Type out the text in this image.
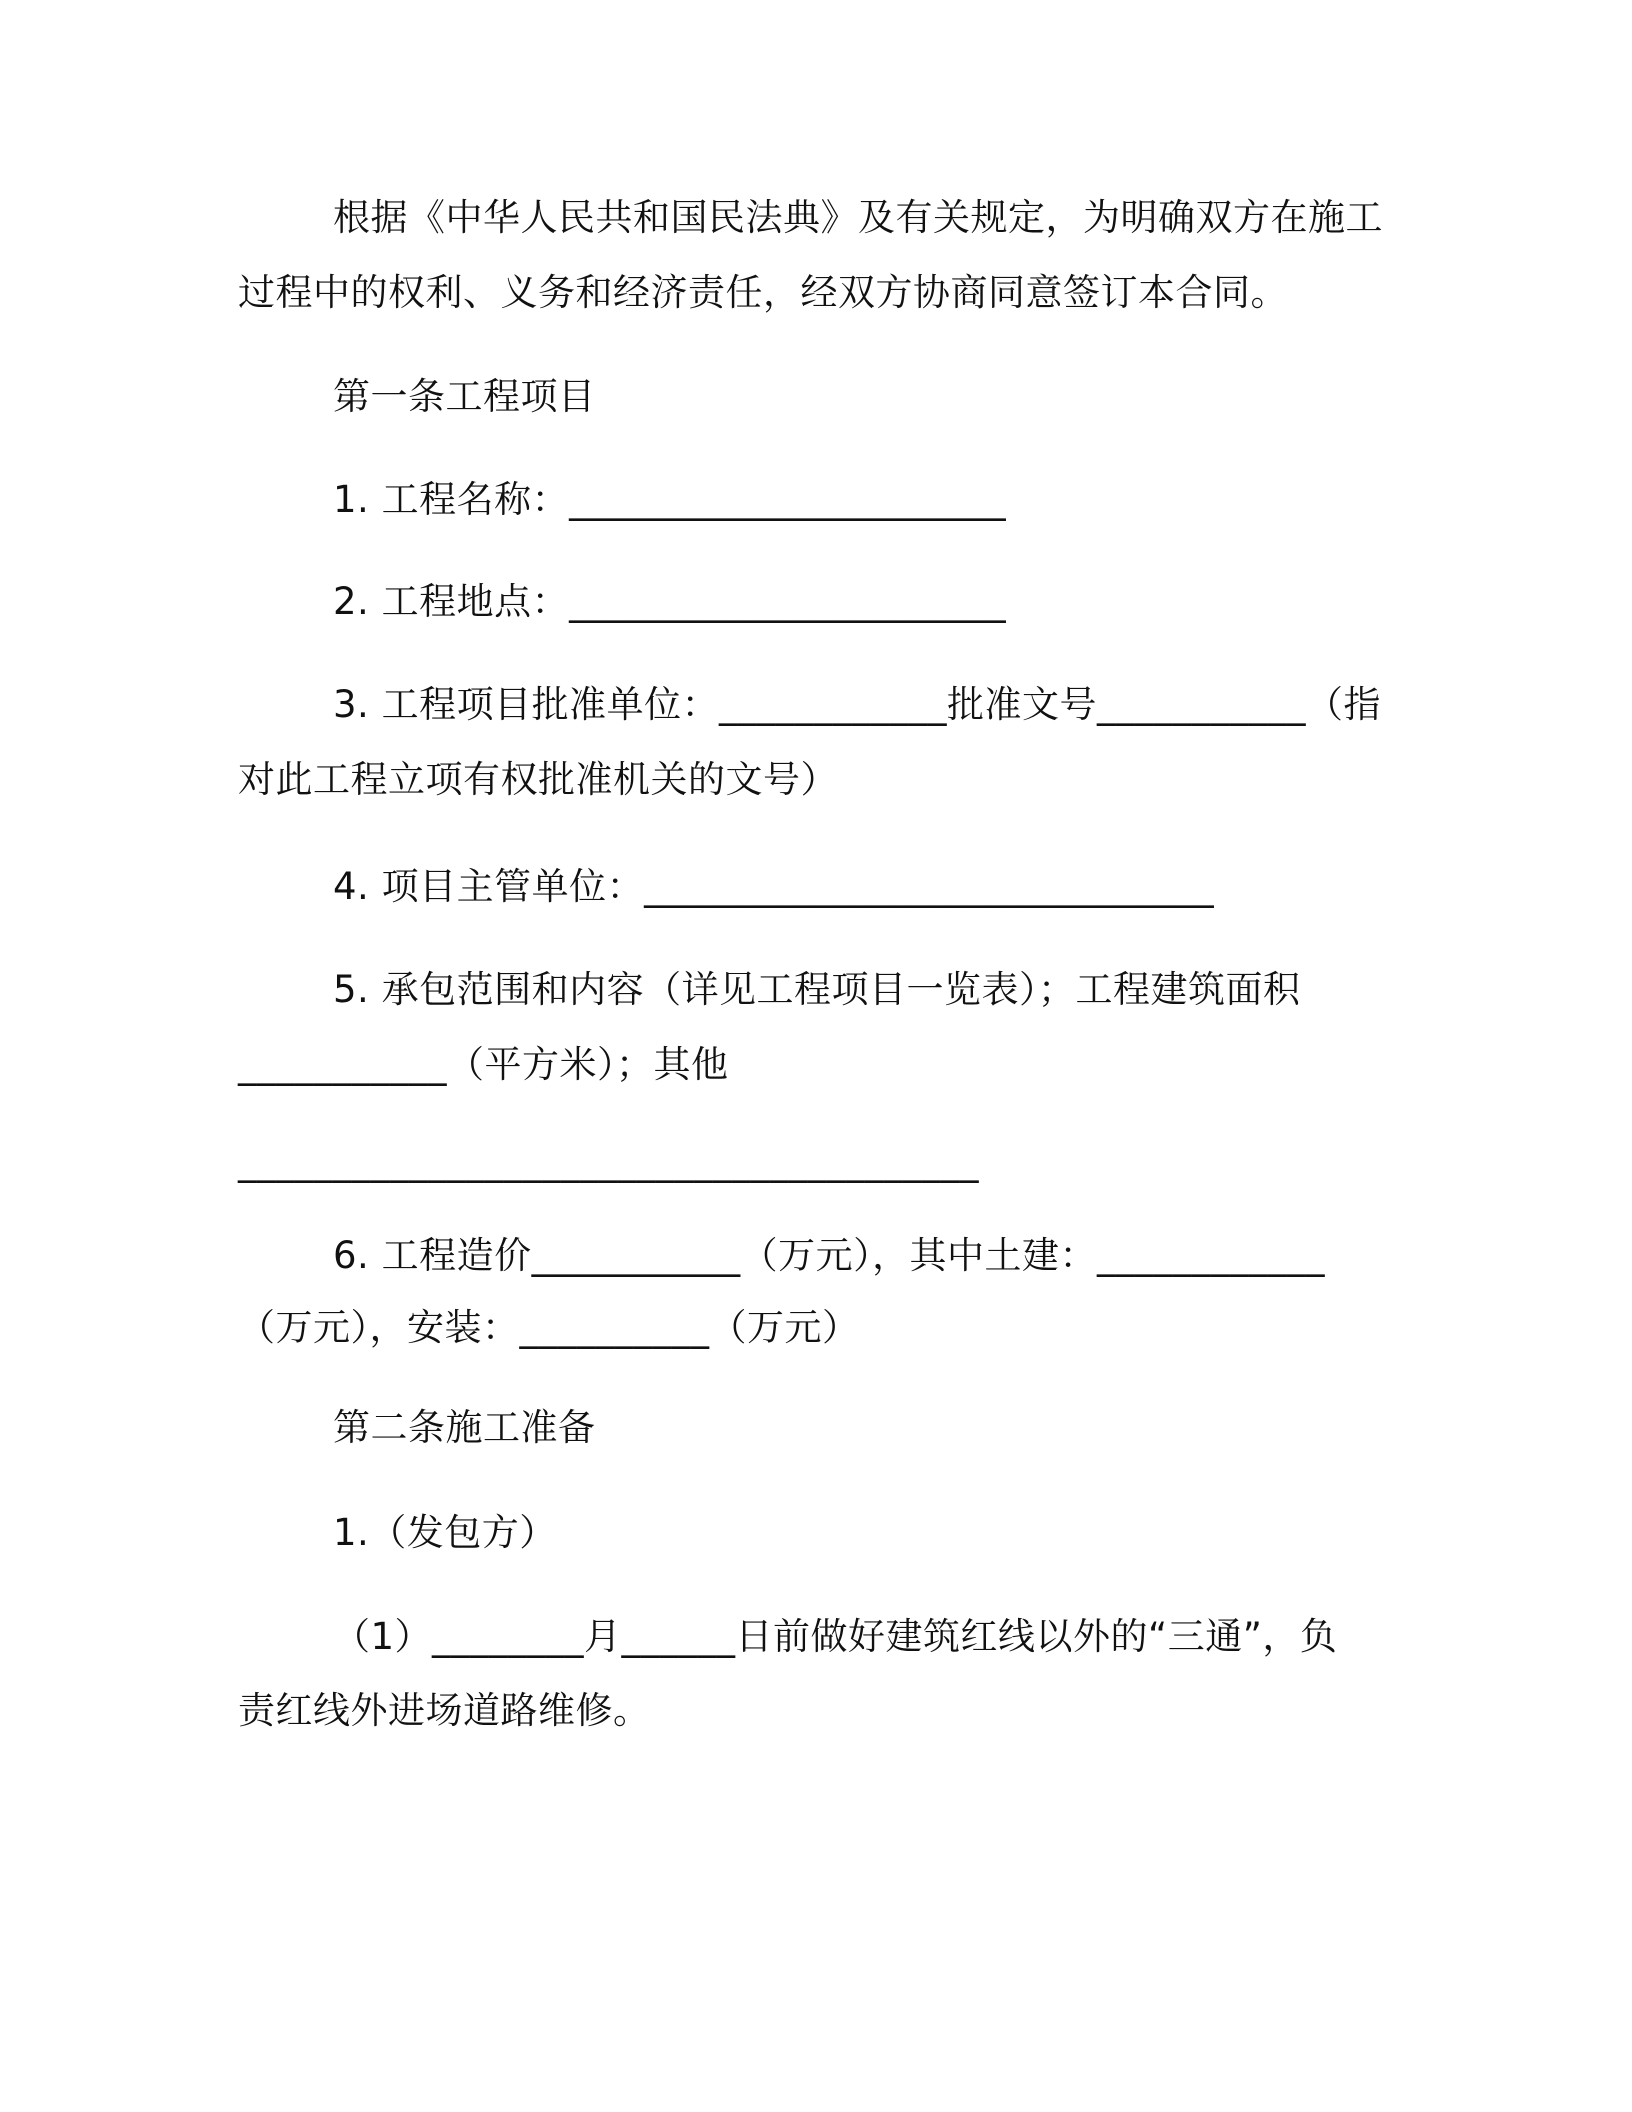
根据《中华人民共和国民法典》及有关规定，为明确双方在施工
过程中的权利、义务和经济责任，经双方协商同意签订本合同。
第一条工程项目
1. 工程名称：_______________________
2. 工程地点：_______________________
3. 工程项目批准单位：____________批准文号___________（指
对此工程立项有权批准机关的文号）
4. 项目主管单位：______________________________
5. 承包范围和内容（详见工程项目一览表）；工程建筑面积
___________（平方米）；其他
_______________________________________
6. 工程造价___________（万元），其中土建：____________
（万元），安装：__________（万元）
第二条施工准备
1.（发包方）
（1）________月______日前做好建筑红线以外的“三通”，负
责红线外进场道路维修。
